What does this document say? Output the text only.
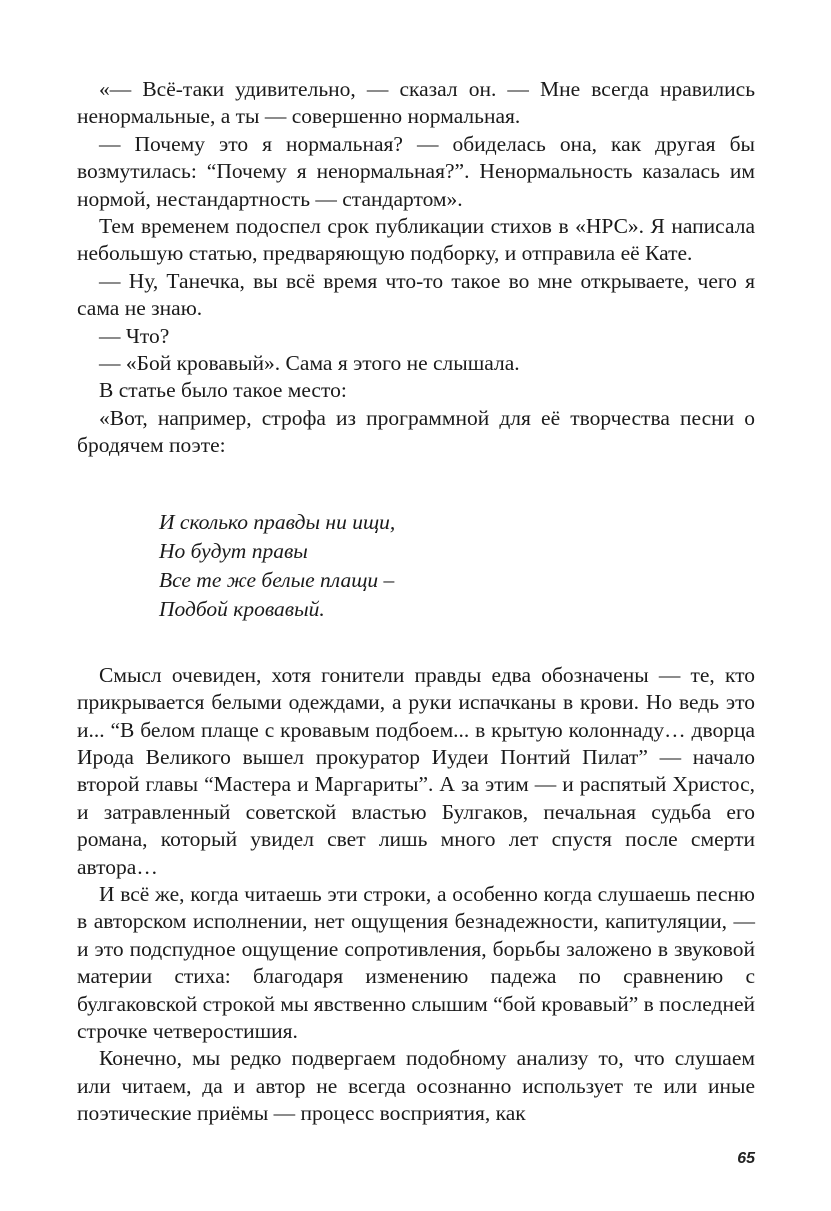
«— Всё-таки удивительно, — сказал он. — Мне всегда нравились ненормальные, а ты — совершенно нормальная.

— Почему это я нормальная? — обиделась она, как другая бы возмутилась: “Почему я ненормальная?”. Ненормальность казалась им нормой, нестандартность — стандартом».

Тем временем подоспел срок публикации стихов в «НРС». Я написала небольшую статью, предваряющую подборку, и отправила её Кате.

— Ну, Танечка, вы всё время что-то такое во мне открываете, чего я сама не знаю.

— Что?

— «Бой кровавый». Сама я этого не слышала.

В статье было такое место:

«Вот, например, строфа из программной для её творчества песни о бродячем поэте:

И сколько правды ни ищи,
Но будут правы
Все те же белые плащи –
Подбой кровавый.

Смысл очевиден, хотя гонители правды едва обозначены — те, кто прикрывается белыми одеждами, а руки испачканы в крови. Но ведь это и... “В белом плаще с кровавым подбоем... в крытую колоннаду… дворца Ирода Великого вышел прокуратор Иудеи Понтий Пилат” — начало второй главы “Мастера и Маргариты”. А за этим — и распятый Христос, и затравленный советской властью Булгаков, печальная судьба его романа, который увидел свет лишь много лет спустя после смерти автора…

И всё же, когда читаешь эти строки, а особенно когда слушаешь песню в авторском исполнении, нет ощущения безнадежности, капитуляции, — и это подспудное ощущение сопротивления, борьбы заложено в звуковой материи стиха: благодаря изменению падежа по сравнению с булгаковской строкой мы явственно слышим “бой кровавый” в последней строчке четверостишия.

Конечно, мы редко подвергаем подобному анализу то, что слушаем или читаем, да и автор не всегда осознанно использует те или иные поэтические приёмы — процесс восприятия, как

65
